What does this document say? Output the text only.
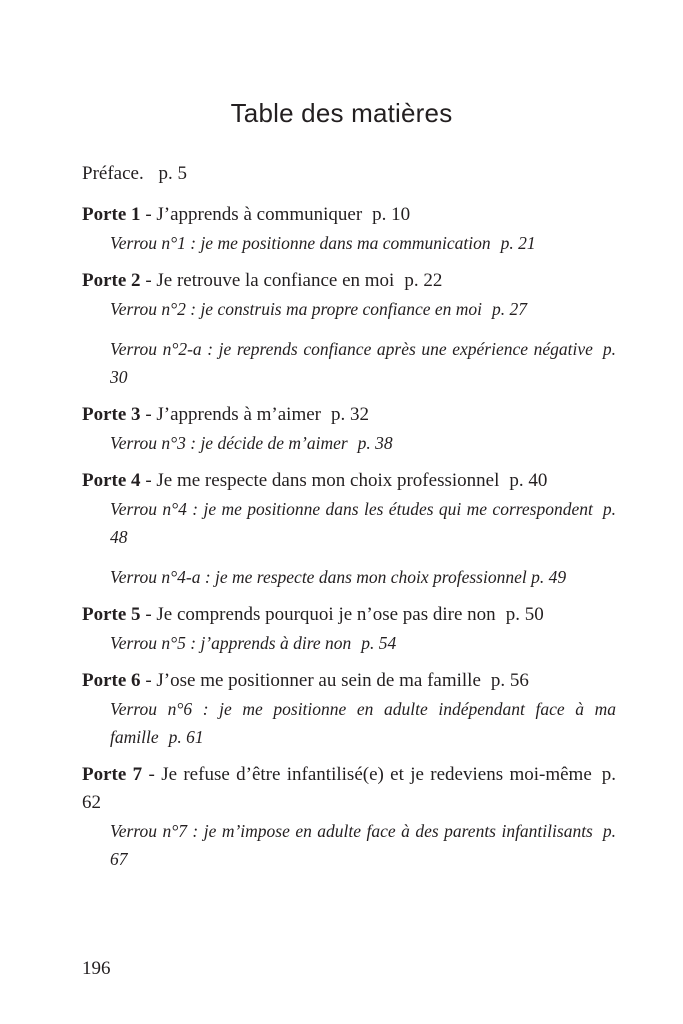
Table des matières
Préface. p. 5
Porte 1 - J’apprends à communiquer p. 10
Verrou n°1 : je me positionne dans ma communication p. 21
Porte 2 - Je retrouve la confiance en moi p. 22
Verrou n°2 : je construis ma propre confiance en moi p. 27
Verrou n°2-a : je reprends confiance après une expérience négative p. 30
Porte 3 - J’apprends à m’aimer p. 32
Verrou n°3 : je décide de m’aimer p. 38
Porte 4 - Je me respecte dans mon choix professionnel p. 40
Verrou n°4 : je me positionne dans les études qui me correspondent p. 48
Verrou n°4-a : je me respecte dans mon choix professionnel p. 49
Porte 5 - Je comprends pourquoi je n’ose pas dire non p. 50
Verrou n°5 : j’apprends à dire non p. 54
Porte 6 - J’ose me positionner au sein de ma famille p. 56
Verrou n°6 : je me positionne en adulte indépendant face à ma famille p. 61
Porte 7 - Je refuse d’être infantilisé(e) et je redeviens moi-même p. 62
Verrou n°7 : je m’impose en adulte face à des parents infantilisants p. 67
196
